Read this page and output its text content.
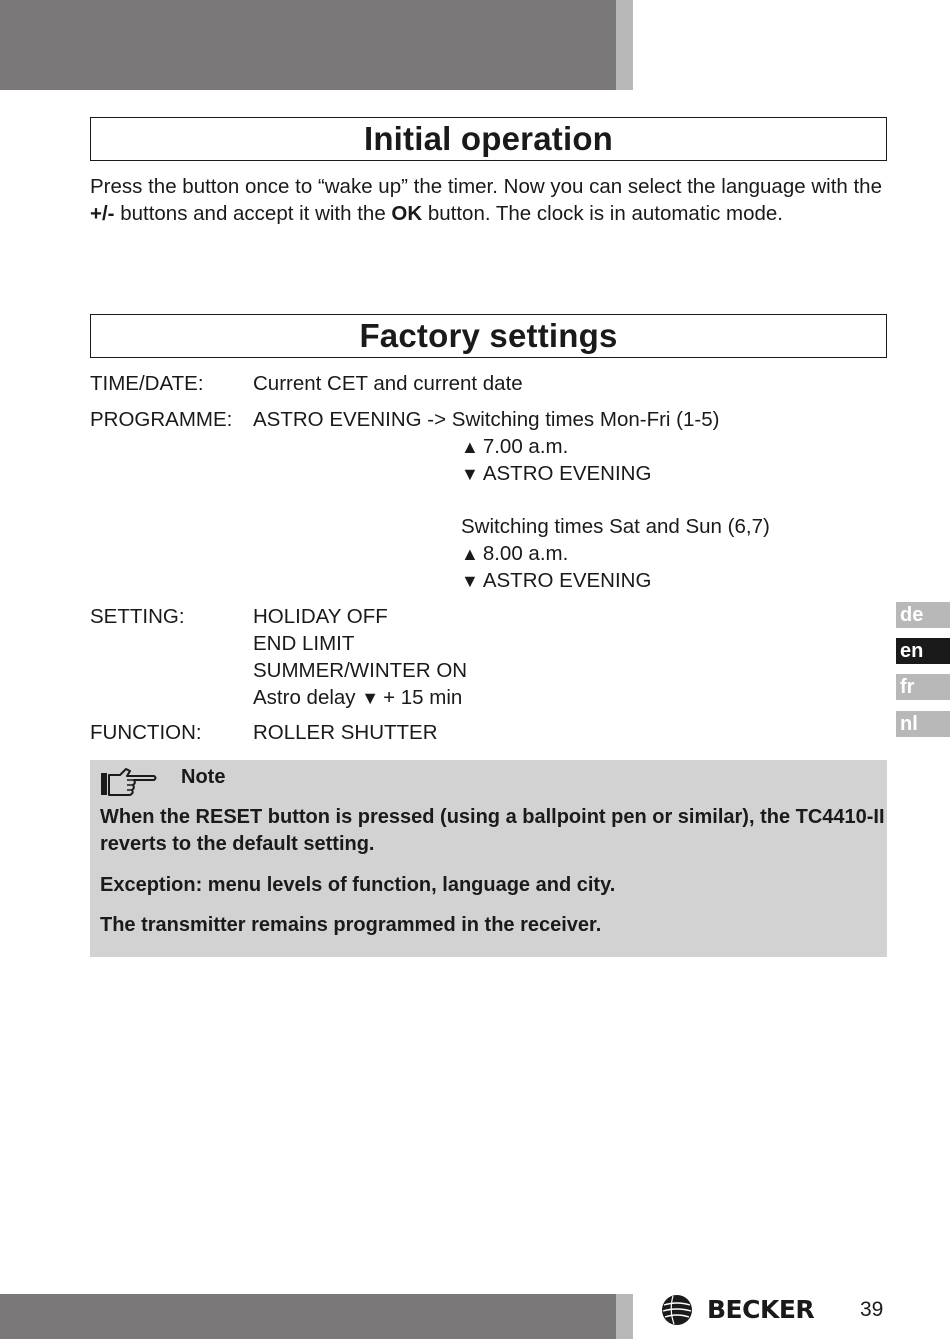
Initial operation

Press the button once to “wake up” the timer. Now you can select the language with the +/- buttons and accept it with the OK button. The clock is in automatic mode.

Factory settings
TIME/DATE: Current CET and current date
PROGRAMME: ASTRO EVENING -> Switching times Mon-Fri (1-5)
▲ 7.00 a.m.
▼ ASTRO EVENING
Switching times Sat and Sun (6,7)
▲ 8.00 a.m.
▼ ASTRO EVENING
SETTING:	HOLIDAY OFF
END LIMIT
SUMMER/WINTER ON
Astro delay ▼ + 15 min
FUNCTION:	ROLLER SHUTTER
Note

When the RESET button is pressed (using a ballpoint pen or similar), the TC4410-II reverts to the default setting.

Exception: menu levels of function, language and city.

The transmitter remains programmed in the receiver.

de
en
fr
nl
BECKER 39
